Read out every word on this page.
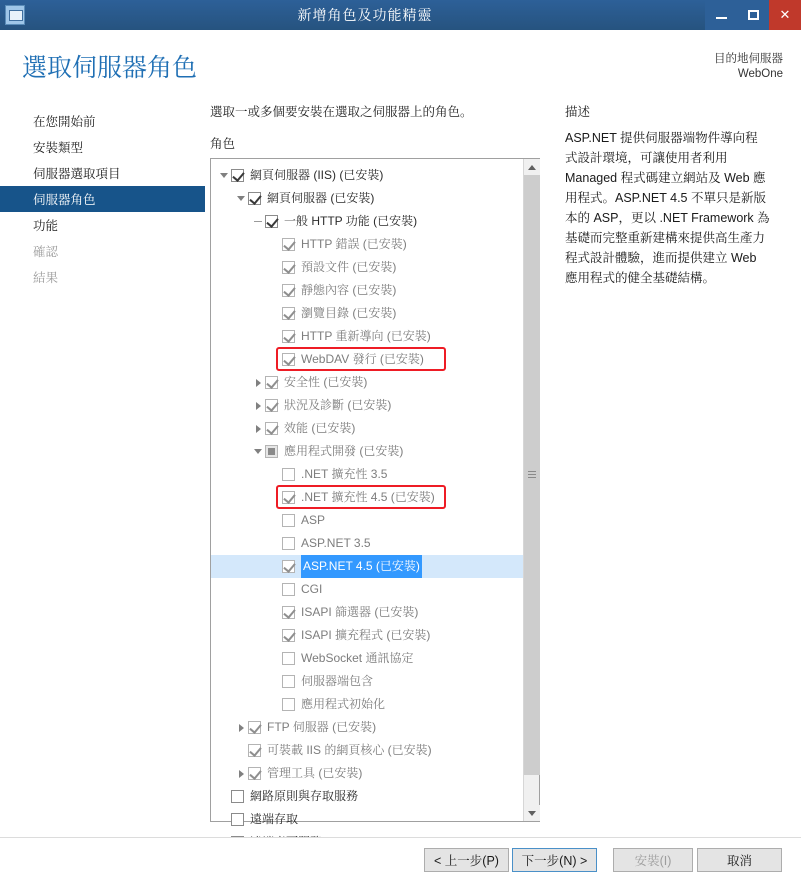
新增角色及功能精靈	✕
選取伺服器角色	目的地伺服器
WebOne
在您開始前
安裝類型
伺服器選取項目
伺服器角色
功能
確認
結果
選取一或多個要安裝在選取之伺服器上的角色。
角色
網頁伺服器 (IIS) (已安裝)
網頁伺服器 (已安裝)
一般 HTTP 功能 (已安裝)
HTTP 錯誤 (已安裝)
預設文件 (已安裝)
靜態內容 (已安裝)
瀏覽目錄 (已安裝)
HTTP 重新導向 (已安裝)
WebDAV 發行 (已安裝)
安全性 (已安裝)
狀況及診斷 (已安裝)
效能 (已安裝)
應用程式開發 (已安裝)
.NET 擴充性 3.5
.NET 擴充性 4.5 (已安裝)
ASP
ASP.NET 3.5
ASP.NET 4.5 (已安裝)
CGI
ISAPI 篩選器 (已安裝)
ISAPI 擴充程式 (已安裝)
WebSocket 通訊協定
伺服器端包含
應用程式初始化
FTP 伺服器 (已安裝)
可裝載 IIS 的網頁核心 (已安裝)
管理工具 (已安裝)
網路原則與存取服務
遠端存取
描述
ASP.NET 提供伺服器端物件導向程式設計環境，可讓使用者利用 Managed 程式碼建立網站及 Web 應用程式。ASP.NET 4.5 不單只是新版本的 ASP，更以 .NET Framework 為基礎而完整重新建構來提供高生產力程式設計體驗，進而提供建立 Web 應用程式的健全基礎結構。
< 上一步(P)	下一步(N) >	安裝(I)	取消
